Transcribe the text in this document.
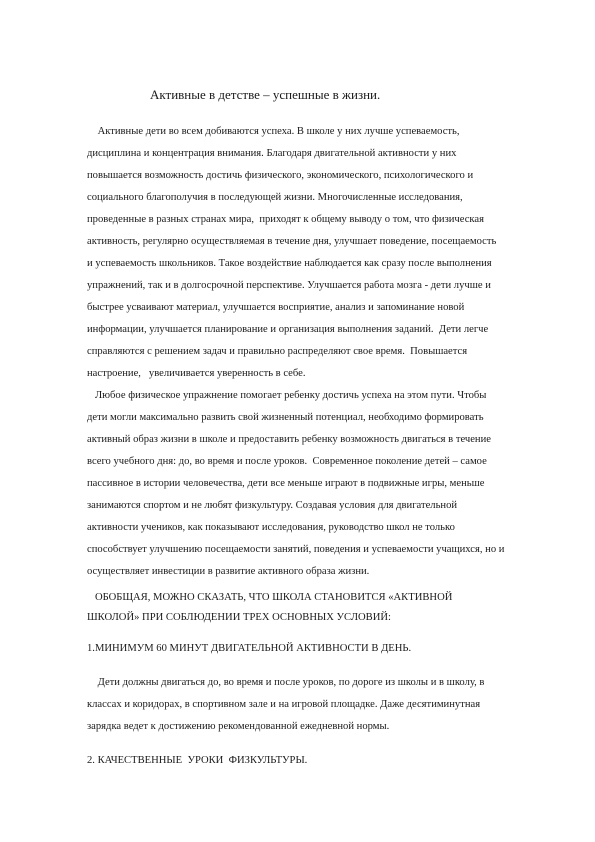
Активные в детстве – успешные в жизни.
Активные дети во всем добиваются успеха. В школе у них лучше успеваемость,
дисциплина и концентрация внимания. Благодаря двигательной активности у них
повышается возможность достичь физического, экономического, психологического и
социального благополучия в последующей жизни. Многочисленные исследования,
проведенные в разных странах мира,  приходят к общему выводу о том, что физическая
активность, регулярно осуществляемая в течение дня, улучшает поведение, посещаемость
и успеваемость школьников. Такое воздействие наблюдается как сразу после выполнения
упражнений, так и в долгосрочной перспективе. Улучшается работа мозга - дети лучше и
быстрее усваивают материал, улучшается восприятие, анализ и запоминание новой
информации, улучшается планирование и организация выполнения заданий.  Дети легче
справляются с решением задач и правильно распределяют свое время.  Повышается
настроение,   увеличивается уверенность в себе.
Любое физическое упражнение помогает ребенку достичь успеха на этом пути. Чтобы
дети могли максимально развить свой жизненный потенциал, необходимо формировать
активный образ жизни в школе и предоставить ребенку возможность двигаться в течение
всего учебного дня: до, во время и после уроков.  Современное поколение детей – самое
пассивное в истории человечества, дети все меньше играют в подвижные игры, меньше
занимаются спортом и не любят физкультуру. Создавая условия для двигательной
активности учеников, как показывают исследования, руководство школ не только
способствует улучшению посещаемости занятий, поведения и успеваемости учащихся, но и
осуществляет инвестиции в развитие активного образа жизни.
ОБОБЩАЯ, МОЖНО СКАЗАТЬ, ЧТО ШКОЛА СТАНОВИТСЯ «АКТИВНОЙ
ШКОЛОЙ» ПРИ СОБЛЮДЕНИИ ТРЕХ ОСНОВНЫХ УСЛОВИЙ:
1.МИНИМУМ 60 МИНУТ ДВИГАТЕЛЬНОЙ АКТИВНОСТИ В ДЕНЬ.
Дети должны двигаться до, во время и после уроков, по дороге из школы и в школу, в
классах и коридорах, в спортивном зале и на игровой площадке. Даже десятиминутная
зарядка ведет к достижению рекомендованной ежедневной нормы.
2. КАЧЕСТВЕННЫЕ  УРОКИ  ФИЗКУЛЬТУРЫ.
